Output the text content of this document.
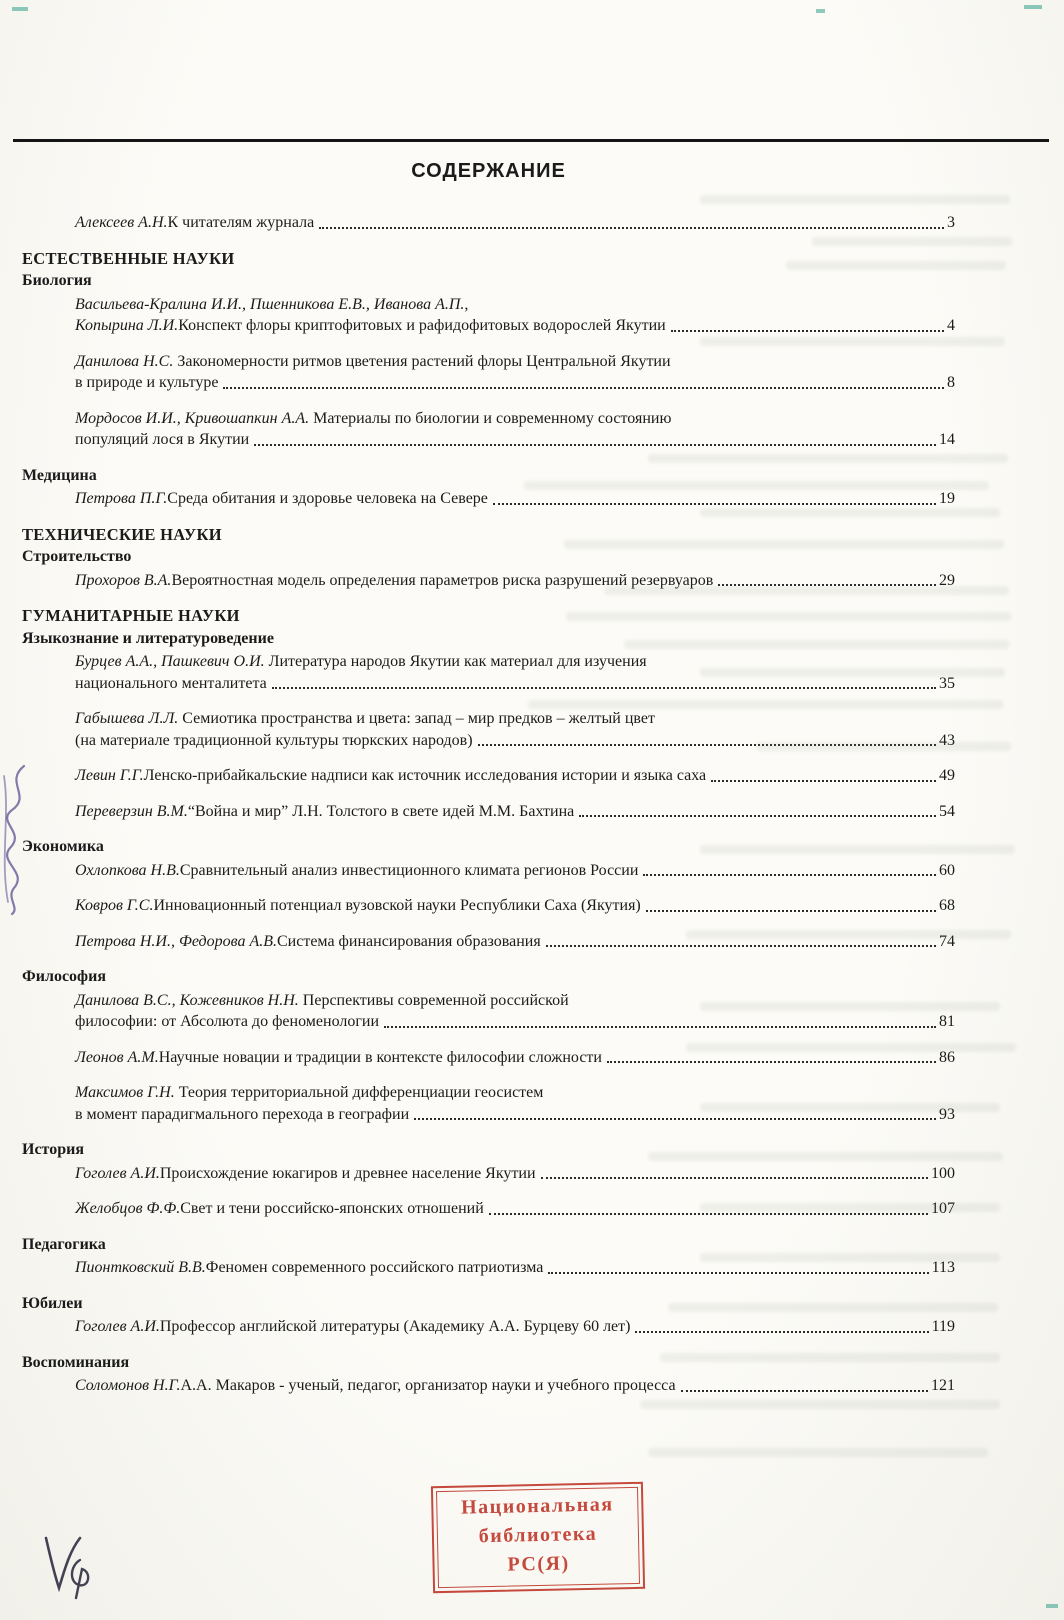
СОДЕРЖАНИЕ
Алексеев А.Н. К читателям журнала	3
ЕСТЕСТВЕННЫЕ НАУКИ
Биология
Васильева-Кралина И.И., Пшенникова Е.В., Иванова А.П.,
Копырина Л.И. Конспект флоры криптофитовых и рафидофитовых водорослей Якутии	4
Данилова Н.С. Закономерности ритмов цветения растений флоры Центральной Якутии
в природе и культуре	8
Мордосов И.И., Кривошапкин А.А. Материалы по биологии и современному состоянию
популяций лося в Якутии	14
Медицина
Петрова П.Г. Среда обитания и здоровье человека на Севере	19
ТЕХНИЧЕСКИЕ НАУКИ
Строительство
Прохоров В.А. Вероятностная модель определения параметров риска разрушений резервуаров	29
ГУМАНИТАРНЫЕ НАУКИ
Языкознание и литературоведение
Бурцев А.А., Пашкевич О.И. Литература народов Якутии как материал для изучения
национального менталитета	35
Габышева Л.Л. Семиотика пространства и цвета: запад – мир предков – желтый цвет
(на материале традиционной культуры тюркских народов)	43
Левин Г.Г. Ленско-прибайкальские надписи как источник исследования истории и языка саха	49
Переверзин В.М. “Война и мир” Л.Н. Толстого в свете идей М.М. Бахтина	54
Экономика
Охлопкова Н.В. Сравнительный анализ инвестиционного климата регионов России	60
Ковров Г.С. Инновационный потенциал вузовской науки Республики Саха (Якутия)	68
Петрова Н.И., Федорова А.В. Система финансирования образования	74
Философия
Данилова В.С., Кожевников Н.Н. Перспективы современной российской
философии: от Абсолюта до феноменологии	81
Леонов А.М. Научные новации и традиции в контексте философии сложности	86
Максимов Г.Н. Теория территориальной дифференциации геосистем
в момент парадигмального перехода в географии	93
История
Гоголев А.И. Происхождение юкагиров и древнее население Якутии	100
Желобцов Ф.Ф. Свет и тени российско-японских отношений	107
Педагогика
Пионтковский В.В. Феномен современного российского патриотизма	113
Юбилеи
Гоголев А.И. Профессор английской литературы (Академику А.А. Бурцеву 60 лет)	119
Воспоминания
Соломонов Н.Г. А.А. Макаров - ученый, педагог, организатор науки и учебного процесса	121
Национальная
библиотека
РС(Я)
